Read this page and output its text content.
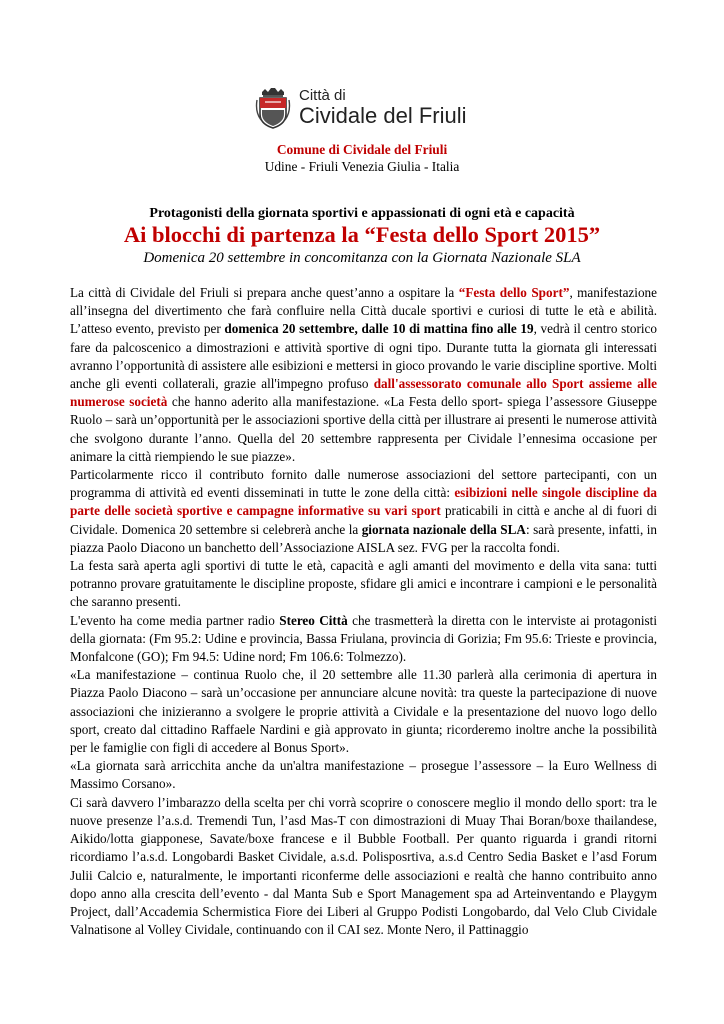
Città di
Cividale del Friuli
Comune di Cividale del Friuli
Udine - Friuli Venezia Giulia - Italia
Protagonisti della giornata sportivi e appassionati di ogni età e capacità
Ai blocchi di partenza la “Festa dello Sport 2015”
Domenica 20 settembre in concomitanza con la Giornata Nazionale SLA

La città di Cividale del Friuli si prepara anche quest’anno a ospitare la “Festa dello Sport”, manifestazione all’insegna del divertimento che farà confluire nella Città ducale sportivi e curiosi di tutte le età e abilità. L’atteso evento, previsto per domenica 20 settembre, dalle 10 di mattina fino alle 19, vedrà il centro storico fare da palcoscenico a dimostrazioni e attività sportive di ogni tipo. Durante tutta la giornata gli interessati avranno l’opportunità di assistere alle esibizioni e mettersi in gioco provando le varie discipline sportive. Molti anche gli eventi collaterali, grazie all'impegno profuso dall'assessorato comunale allo Sport assieme alle numerose società che hanno aderito alla manifestazione. «La Festa dello sport- spiega l’assessore Giuseppe Ruolo – sarà un’opportunità per le associazioni sportive della città per illustrare ai presenti le numerose attività che svolgono durante l’anno. Quella del 20 settembre rappresenta per Cividale l’ennesima occasione per animare la città riempiendo le sue piazze».

Particolarmente ricco il contributo fornito dalle numerose associazioni del settore partecipanti, con un programma di attività ed eventi disseminati in tutte le zone della città: esibizioni nelle singole discipline da parte delle società sportive e campagne informative su vari sport praticabili in città e anche al di fuori di Cividale. Domenica 20 settembre si celebrerà anche la giornata nazionale della SLA: sarà presente, infatti, in piazza Paolo Diacono un banchetto dell’Associazione AISLA sez. FVG per la raccolta fondi.

La festa sarà aperta agli sportivi di tutte le età, capacità e agli amanti del movimento e della vita sana: tutti potranno provare gratuitamente le discipline proposte, sfidare gli amici e incontrare i campioni e le personalità che saranno presenti.

L'evento ha come media partner radio Stereo Città che trasmetterà la diretta con le interviste ai protagonisti della giornata: (Fm 95.2: Udine e provincia, Bassa Friulana, provincia di Gorizia; Fm 95.6: Trieste e provincia, Monfalcone (GO); Fm 94.5: Udine nord; Fm 106.6: Tolmezzo).

«La manifestazione – continua Ruolo che, il 20 settembre alle 11.30 parlerà alla cerimonia di apertura in Piazza Paolo Diacono – sarà un’occasione per annunciare alcune novità: tra queste la partecipazione di nuove associazioni che inizieranno a svolgere le proprie attività a Cividale e la presentazione del nuovo logo dello sport, creato dal cittadino Raffaele Nardini e già approvato in giunta; ricorderemo inoltre anche la possibilità per le famiglie con figli di accedere al Bonus Sport».

«La giornata sarà arricchita anche da un'altra manifestazione – prosegue l’assessore – la Euro Wellness di Massimo Corsano».

Ci sarà davvero l’imbarazzo della scelta per chi vorrà scoprire o conoscere meglio il mondo dello sport: tra le nuove presenze l’a.s.d. Tremendi Tun, l’asd Mas-T con dimostrazioni di Muay Thai Boran/boxe thailandese, Aikido/lotta giapponese, Savate/boxe francese e il Bubble Football. Per quanto riguarda i grandi ritorni ricordiamo l’a.s.d. Longobardi Basket Cividale, a.s.d. Polisposrtiva, a.s.d Centro Sedia Basket e l’asd Forum Julii Calcio e, naturalmente, le importanti riconferme delle associazioni e realtà che hanno contribuito anno dopo anno alla crescita dell’evento - dal Manta Sub e Sport Management spa ad Arteinventando e Playgym Project, dall’Accademia Schermistica Fiore dei Liberi al Gruppo Podisti Longobardo, dal Velo Club Cividale Valnatisone al Volley Cividale, continuando con il CAI sez. Monte Nero, il Pattinaggio
